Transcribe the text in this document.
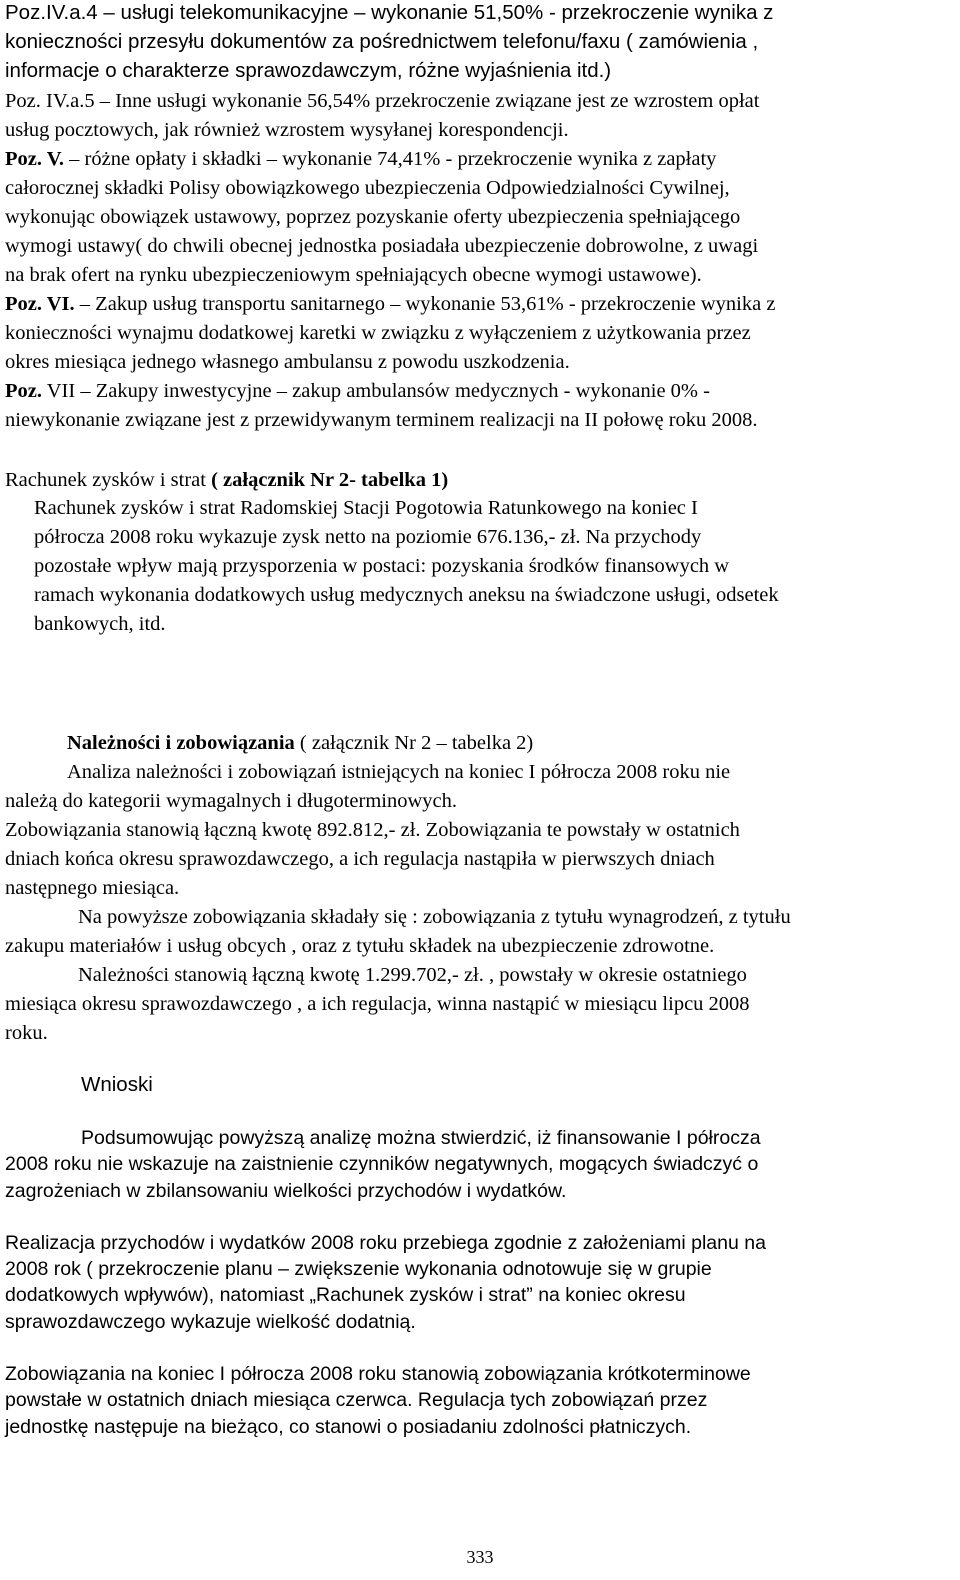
Poz.IV.a.4 – usługi telekomunikacyjne – wykonanie 51,50% - przekroczenie wynika z
konieczności przesyłu dokumentów za pośrednictwem telefonu/faxu ( zamówienia ,
informacje o charakterze sprawozdawczym, różne wyjaśnienia itd.)
Poz. IV.a.5 – Inne usługi wykonanie 56,54% przekroczenie związane jest ze wzrostem opłat
usług pocztowych, jak również wzrostem wysyłanej korespondencji.
Poz. V. – różne opłaty i składki – wykonanie 74,41% - przekroczenie wynika z zapłaty
całorocznej składki Polisy obowiązkowego ubezpieczenia Odpowiedzialności Cywilnej,
wykonując obowiązek ustawowy, poprzez pozyskanie oferty ubezpieczenia spełniającego
wymogi ustawy( do chwili obecnej jednostka posiadała ubezpieczenie dobrowolne, z uwagi
na brak ofert na rynku ubezpieczeniowym spełniających obecne wymogi ustawowe).
Poz. VI. – Zakup usług transportu sanitarnego – wykonanie 53,61% - przekroczenie wynika z
konieczności wynajmu dodatkowej karetki w związku z wyłączeniem z użytkowania przez
okres miesiąca jednego własnego ambulansu z powodu uszkodzenia.
Poz. VII – Zakupy inwestycyjne – zakup ambulansów medycznych - wykonanie 0% -
niewykonanie związane jest z przewidywanym terminem realizacji na II połowę roku 2008.
Rachunek zysków i strat ( załącznik Nr 2- tabelka 1)
Rachunek zysków i strat Radomskiej Stacji Pogotowia Ratunkowego na koniec I
półrocza 2008 roku wykazuje zysk netto na poziomie 676.136,- zł. Na przychody
pozostałe wpływ mają przysporzenia w postaci: pozyskania środków finansowych w
ramach wykonania dodatkowych usług medycznych aneksu na świadczone usługi, odsetek
bankowych, itd.
Należności i zobowiązania ( załącznik Nr 2 – tabelka 2)
Analiza należności i zobowiązań istniejących na koniec I półrocza 2008 roku nie
należą do kategorii wymagalnych i długoterminowych.
Zobowiązania stanowią łączną kwotę 892.812,- zł. Zobowiązania te powstały w ostatnich
dniach końca okresu sprawozdawczego, a ich regulacja nastąpiła w pierwszych dniach
następnego miesiąca.
Na powyższe zobowiązania składały się : zobowiązania z tytułu wynagrodzeń, z tytułu
zakupu materiałów i usług obcych , oraz z tytułu składek na ubezpieczenie zdrowotne.
Należności stanowią łączną kwotę 1.299.702,- zł. , powstały w okresie ostatniego
miesiąca okresu sprawozdawczego , a ich regulacja, winna nastąpić w miesiącu lipcu 2008
roku.
Wnioski
Podsumowując powyższą analizę można stwierdzić, iż finansowanie I półrocza
2008 roku nie wskazuje na zaistnienie czynników negatywnych, mogących świadczyć o
zagrożeniach w zbilansowaniu wielkości przychodów i wydatków.
Realizacja przychodów i wydatków 2008 roku przebiega zgodnie z założeniami planu na
2008 rok ( przekroczenie planu – zwiększenie wykonania odnotowuje się w grupie
dodatkowych wpływów), natomiast „Rachunek zysków i strat” na koniec okresu
sprawozdawczego wykazuje wielkość dodatnią.
Zobowiązania na koniec I półrocza 2008 roku stanowią zobowiązania krótkoterminowe
powstałe w ostatnich dniach miesiąca czerwca. Regulacja tych zobowiązań przez
jednostkę następuje na bieżąco, co stanowi o posiadaniu zdolności płatniczych.
333
